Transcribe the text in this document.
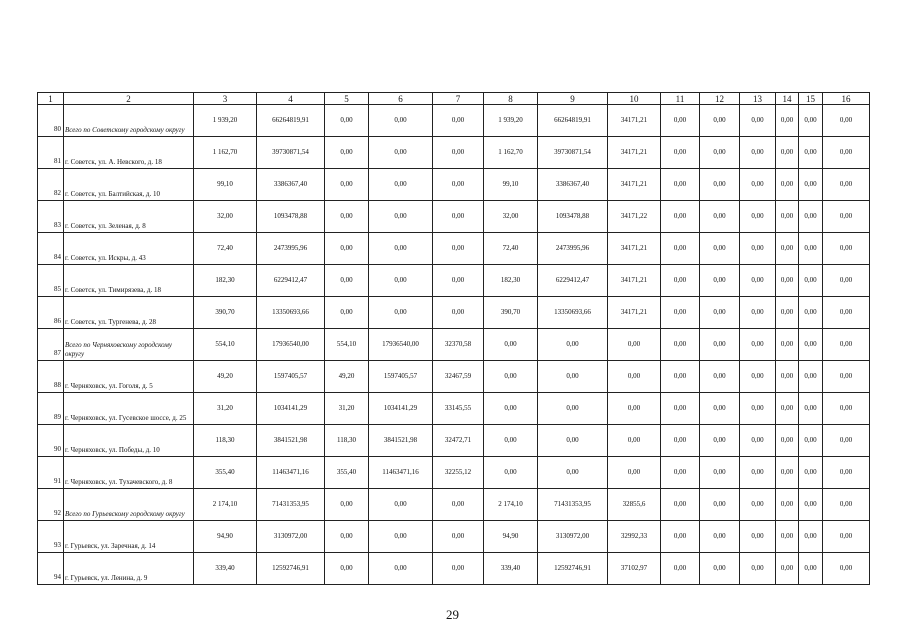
1	2	3	4	5	6	7	8	9	10	11	12	13	14	15	16
80	Всего по Советскому городскому округу	1 939,20	66264819,91	0,00	0,00	0,00	1 939,20	66264819,91	34171,21	0,00	0,00	0,00	0,00	0,00	0,00
81	г. Советск, ул. А. Невского, д. 18	1 162,70	39730871,54	0,00	0,00	0,00	1 162,70	39730871,54	34171,21	0,00	0,00	0,00	0,00	0,00	0,00
82	г. Советск, ул. Балтийская, д. 10	99,10	3386367,40	0,00	0,00	0,00	99,10	3386367,40	34171,21	0,00	0,00	0,00	0,00	0,00	0,00
83	г. Советск, ул. Зеленая, д. 8	32,00	1093478,88	0,00	0,00	0,00	32,00	1093478,88	34171,22	0,00	0,00	0,00	0,00	0,00	0,00
84	г. Советск, ул. Искры, д. 43	72,40	2473995,96	0,00	0,00	0,00	72,40	2473995,96	34171,21	0,00	0,00	0,00	0,00	0,00	0,00
85	г. Советск, ул. Тимирязева, д. 18	182,30	6229412,47	0,00	0,00	0,00	182,30	6229412,47	34171,21	0,00	0,00	0,00	0,00	0,00	0,00
86	г. Советск, ул. Тургенева, д. 28	390,70	13350693,66	0,00	0,00	0,00	390,70	13350693,66	34171,21	0,00	0,00	0,00	0,00	0,00	0,00
87	Всего по Черняховскому городскому округу	554,10	17936540,00	554,10	17936540,00	32370,58	0,00	0,00	0,00	0,00	0,00	0,00	0,00	0,00	0,00
88	г. Черняховск, ул. Гоголя, д. 5	49,20	1597405,57	49,20	1597405,57	32467,59	0,00	0,00	0,00	0,00	0,00	0,00	0,00	0,00	0,00
89	г. Черняховск, ул. Гусевское шоссе, д. 25	31,20	1034141,29	31,20	1034141,29	33145,55	0,00	0,00	0,00	0,00	0,00	0,00	0,00	0,00	0,00
90	г. Черняховск, ул. Победы, д. 10	118,30	3841521,98	118,30	3841521,98	32472,71	0,00	0,00	0,00	0,00	0,00	0,00	0,00	0,00	0,00
91	г. Черняховск, ул. Тухачевского, д. 8	355,40	11463471,16	355,40	11463471,16	32255,12	0,00	0,00	0,00	0,00	0,00	0,00	0,00	0,00	0,00
92	Всего по Гурьевскому городскому округу	2 174,10	71431353,95	0,00	0,00	0,00	2 174,10	71431353,95	32855,6	0,00	0,00	0,00	0,00	0,00	0,00
93	г. Гурьевск, ул. Заречная, д. 14	94,90	3130972,00	0,00	0,00	0,00	94,90	3130972,00	32992,33	0,00	0,00	0,00	0,00	0,00	0,00
94	г. Гурьевск, ул. Ленина, д. 9	339,40	12592746,91	0,00	0,00	0,00	339,40	12592746,91	37102,97	0,00	0,00	0,00	0,00	0,00	0,00
29
